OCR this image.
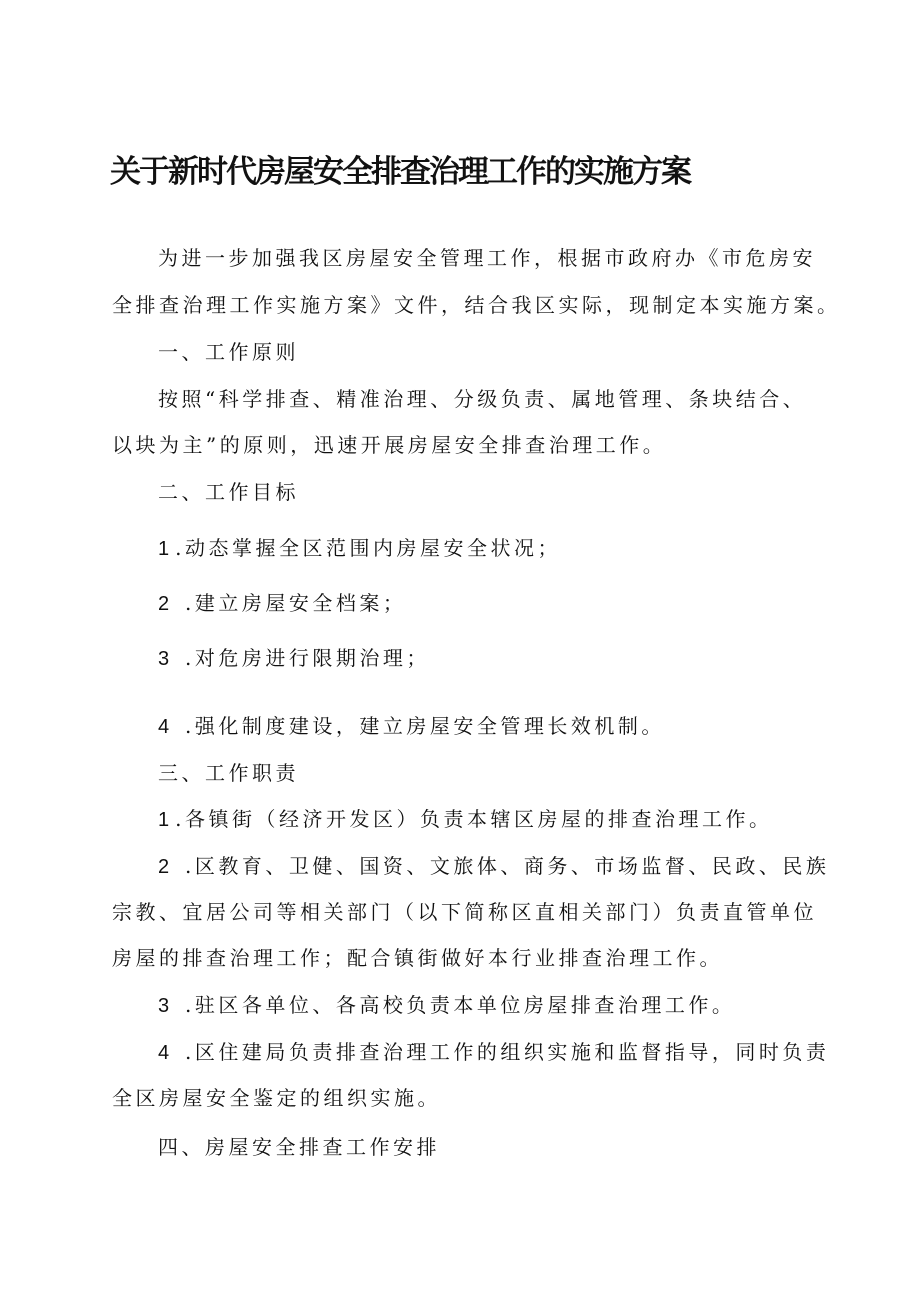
关于新时代房屋安全排查治理工作的实施方案

为进一步加强我区房屋安全管理工作，根据市政府办《市危房安

全排查治理工作实施方案》文件，结合我区实际，现制定本实施方案。

一、工作原则

按照“科学排查、精准治理、分级负责、属地管理、条块结合、

以块为主”的原则，迅速开展房屋安全排查治理工作。

二、工作目标

1.动态掌握全区范围内房屋安全状况；

2 .建立房屋安全档案；

3 .对危房进行限期治理；

4 .强化制度建设，建立房屋安全管理长效机制。

三、工作职责

1.各镇街（经济开发区）负责本辖区房屋的排查治理工作。

2 .区教育、卫健、国资、文旅体、商务、市场监督、民政、民族

宗教、宜居公司等相关部门（以下简称区直相关部门）负责直管单位

房屋的排查治理工作；配合镇街做好本行业排查治理工作。

3 .驻区各单位、各高校负责本单位房屋排查治理工作。

4 .区住建局负责排查治理工作的组织实施和监督指导，同时负责

全区房屋安全鉴定的组织实施。

四、房屋安全排查工作安排
